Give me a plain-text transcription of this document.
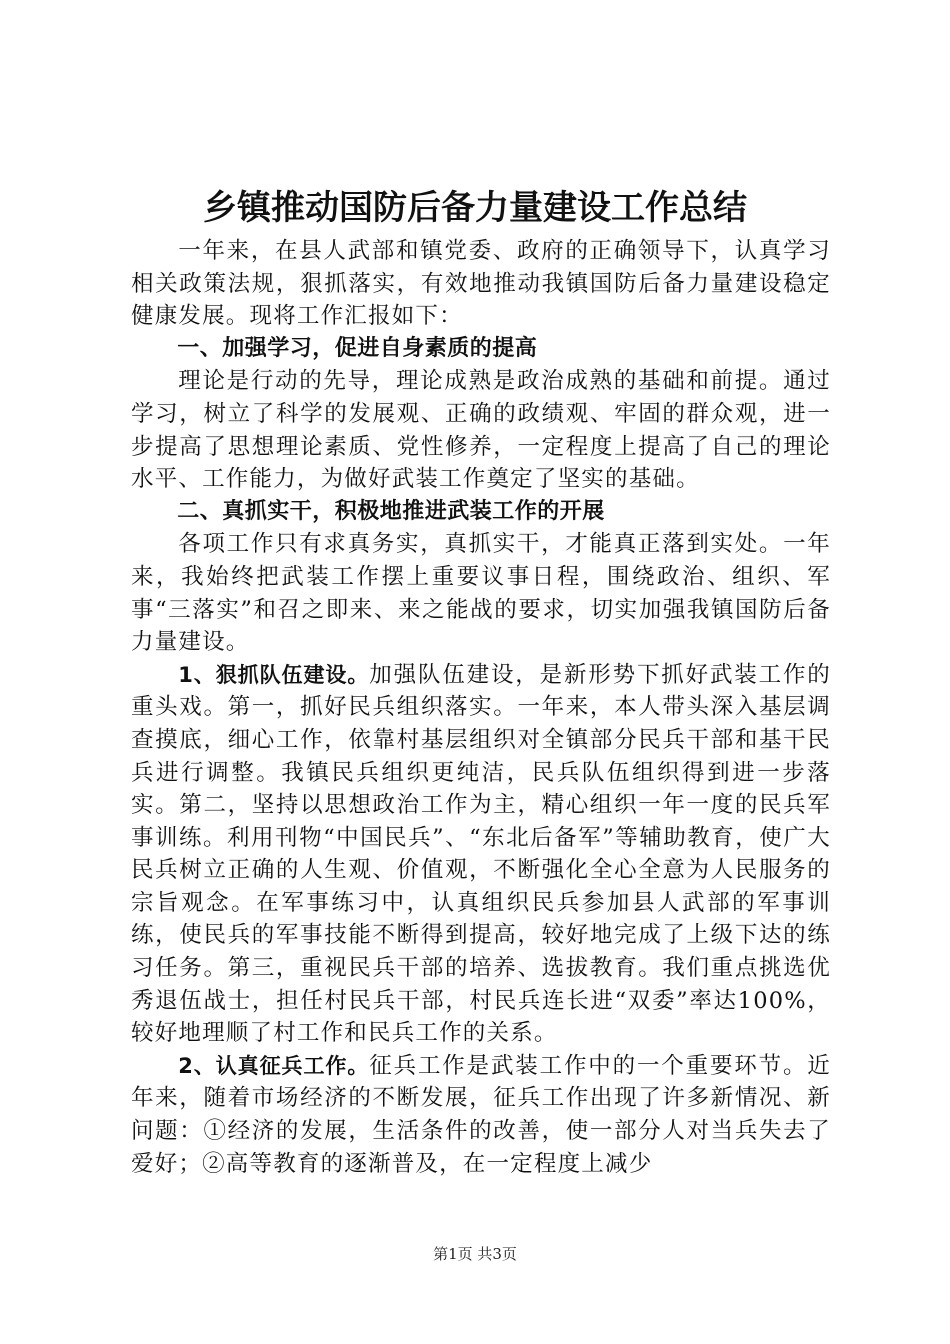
乡镇推动国防后备力量建设工作总结

一年来，在县人武部和镇党委、政府的正确领导下，认真学习相关政策法规，狠抓落实，有效地推动我镇国防后备力量建设稳定健康发展。现将工作汇报如下：

一、加强学习，促进自身素质的提高

理论是行动的先导，理论成熟是政治成熟的基础和前提。通过学习，树立了科学的发展观、正确的政绩观、牢固的群众观，进一步提高了思想理论素质、党性修养，一定程度上提高了自己的理论水平、工作能力，为做好武装工作奠定了坚实的基础。

二、真抓实干，积极地推进武装工作的开展

各项工作只有求真务实，真抓实干，才能真正落到实处。一年来，我始终把武装工作摆上重要议事日程，围绕政治、组织、军事“三落实”和召之即来、来之能战的要求，切实加强我镇国防后备力量建设。

1、狠抓队伍建设。加强队伍建设，是新形势下抓好武装工作的重头戏。第一，抓好民兵组织落实。一年来，本人带头深入基层调查摸底，细心工作，依靠村基层组织对全镇部分民兵干部和基干民兵进行调整。我镇民兵组织更纯洁，民兵队伍组织得到进一步落实。第二，坚持以思想政治工作为主，精心组织一年一度的民兵军事训练。利用刊物“中国民兵”、“东北后备军”等辅助教育，使广大民兵树立正确的人生观、价值观，不断强化全心全意为人民服务的宗旨观念。在军事练习中，认真组织民兵参加县人武部的军事训练，使民兵的军事技能不断得到提高，较好地完成了上级下达的练习任务。第三，重视民兵干部的培养、选拔教育。我们重点挑选优秀退伍战士，担任村民兵干部，村民兵连长进“双委”率达100%，较好地理顺了村工作和民兵工作的关系。

2、认真征兵工作。征兵工作是武装工作中的一个重要环节。近年来，随着市场经济的不断发展，征兵工作出现了许多新情况、新问题：①经济的发展，生活条件的改善，使一部分人对当兵失去了爱好；②高等教育的逐渐普及，在一定程度上减少

第1页 共3页
